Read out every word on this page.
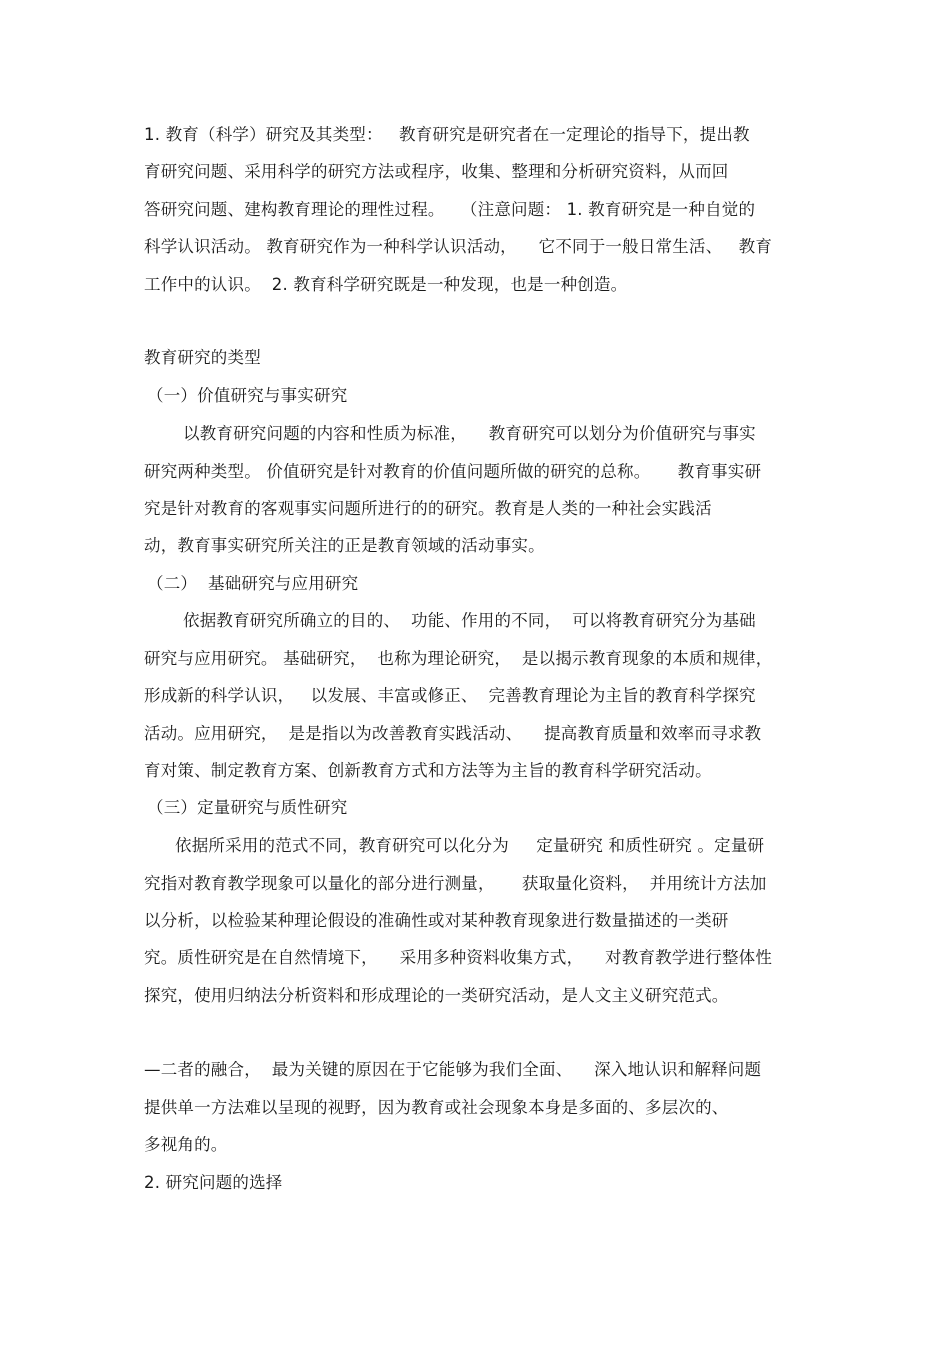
1. 教育（科学）研究及其类型：   教育研究是研究者在一定理论的指导下，提出教
育研究问题、采用科学的研究方法或程序，收集、整理和分析研究资料，从而回
答研究问题、建构教育理论的理性过程。   （注意问题： 1. 教育研究是一种自觉的
科学认识活动。 教育研究作为一种科学认识活动，    它不同于一般日常生活、   教育
工作中的认识。  2. 教育科学研究既是一种发现，也是一种创造。
教育研究的类型
（一）价值研究与事实研究
以教育研究问题的内容和性质为标准，    教育研究可以划分为价值研究与事实
研究两种类型。 价值研究是针对教育的价值问题所做的研究的总称。     教育事实研
究是针对教育的客观事实问题所进行的的研究。教育是人类的一种社会实践活
动，教育事实研究所关注的正是教育领域的活动事实。
（二）  基础研究与应用研究
依据教育研究所确立的目的、  功能、作用的不同，  可以将教育研究分为基础
研究与应用研究。 基础研究，  也称为理论研究，  是以揭示教育现象的本质和规律，
形成新的科学认识，   以发展、丰富或修正、  完善教育理论为主旨的教育科学探究
活动。应用研究，  是是指以为改善教育实践活动、    提高教育质量和效率而寻求教
育对策、制定教育方案、创新教育方式和方法等为主旨的教育科学研究活动。
（三）定量研究与质性研究
依据所采用的范式不同，教育研究可以化分为     定量研究 和质性研究 。定量研
究指对教育教学现象可以量化的部分进行测量，     获取量化资料，  并用统计方法加
以分析，以检验某种理论假设的准确性或对某种教育现象进行数量描述的一类研
究。质性研究是在自然情境下，    采用多种资料收集方式，    对教育教学进行整体性
探究，使用归纳法分析资料和形成理论的一类研究活动，是人文主义研究范式。
—二者的融合，  最为关键的原因在于它能够为我们全面、    深入地认识和解释问题
提供单一方法难以呈现的视野，因为教育或社会现象本身是多面的、多层次的、
多视角的。
2. 研究问题的选择
